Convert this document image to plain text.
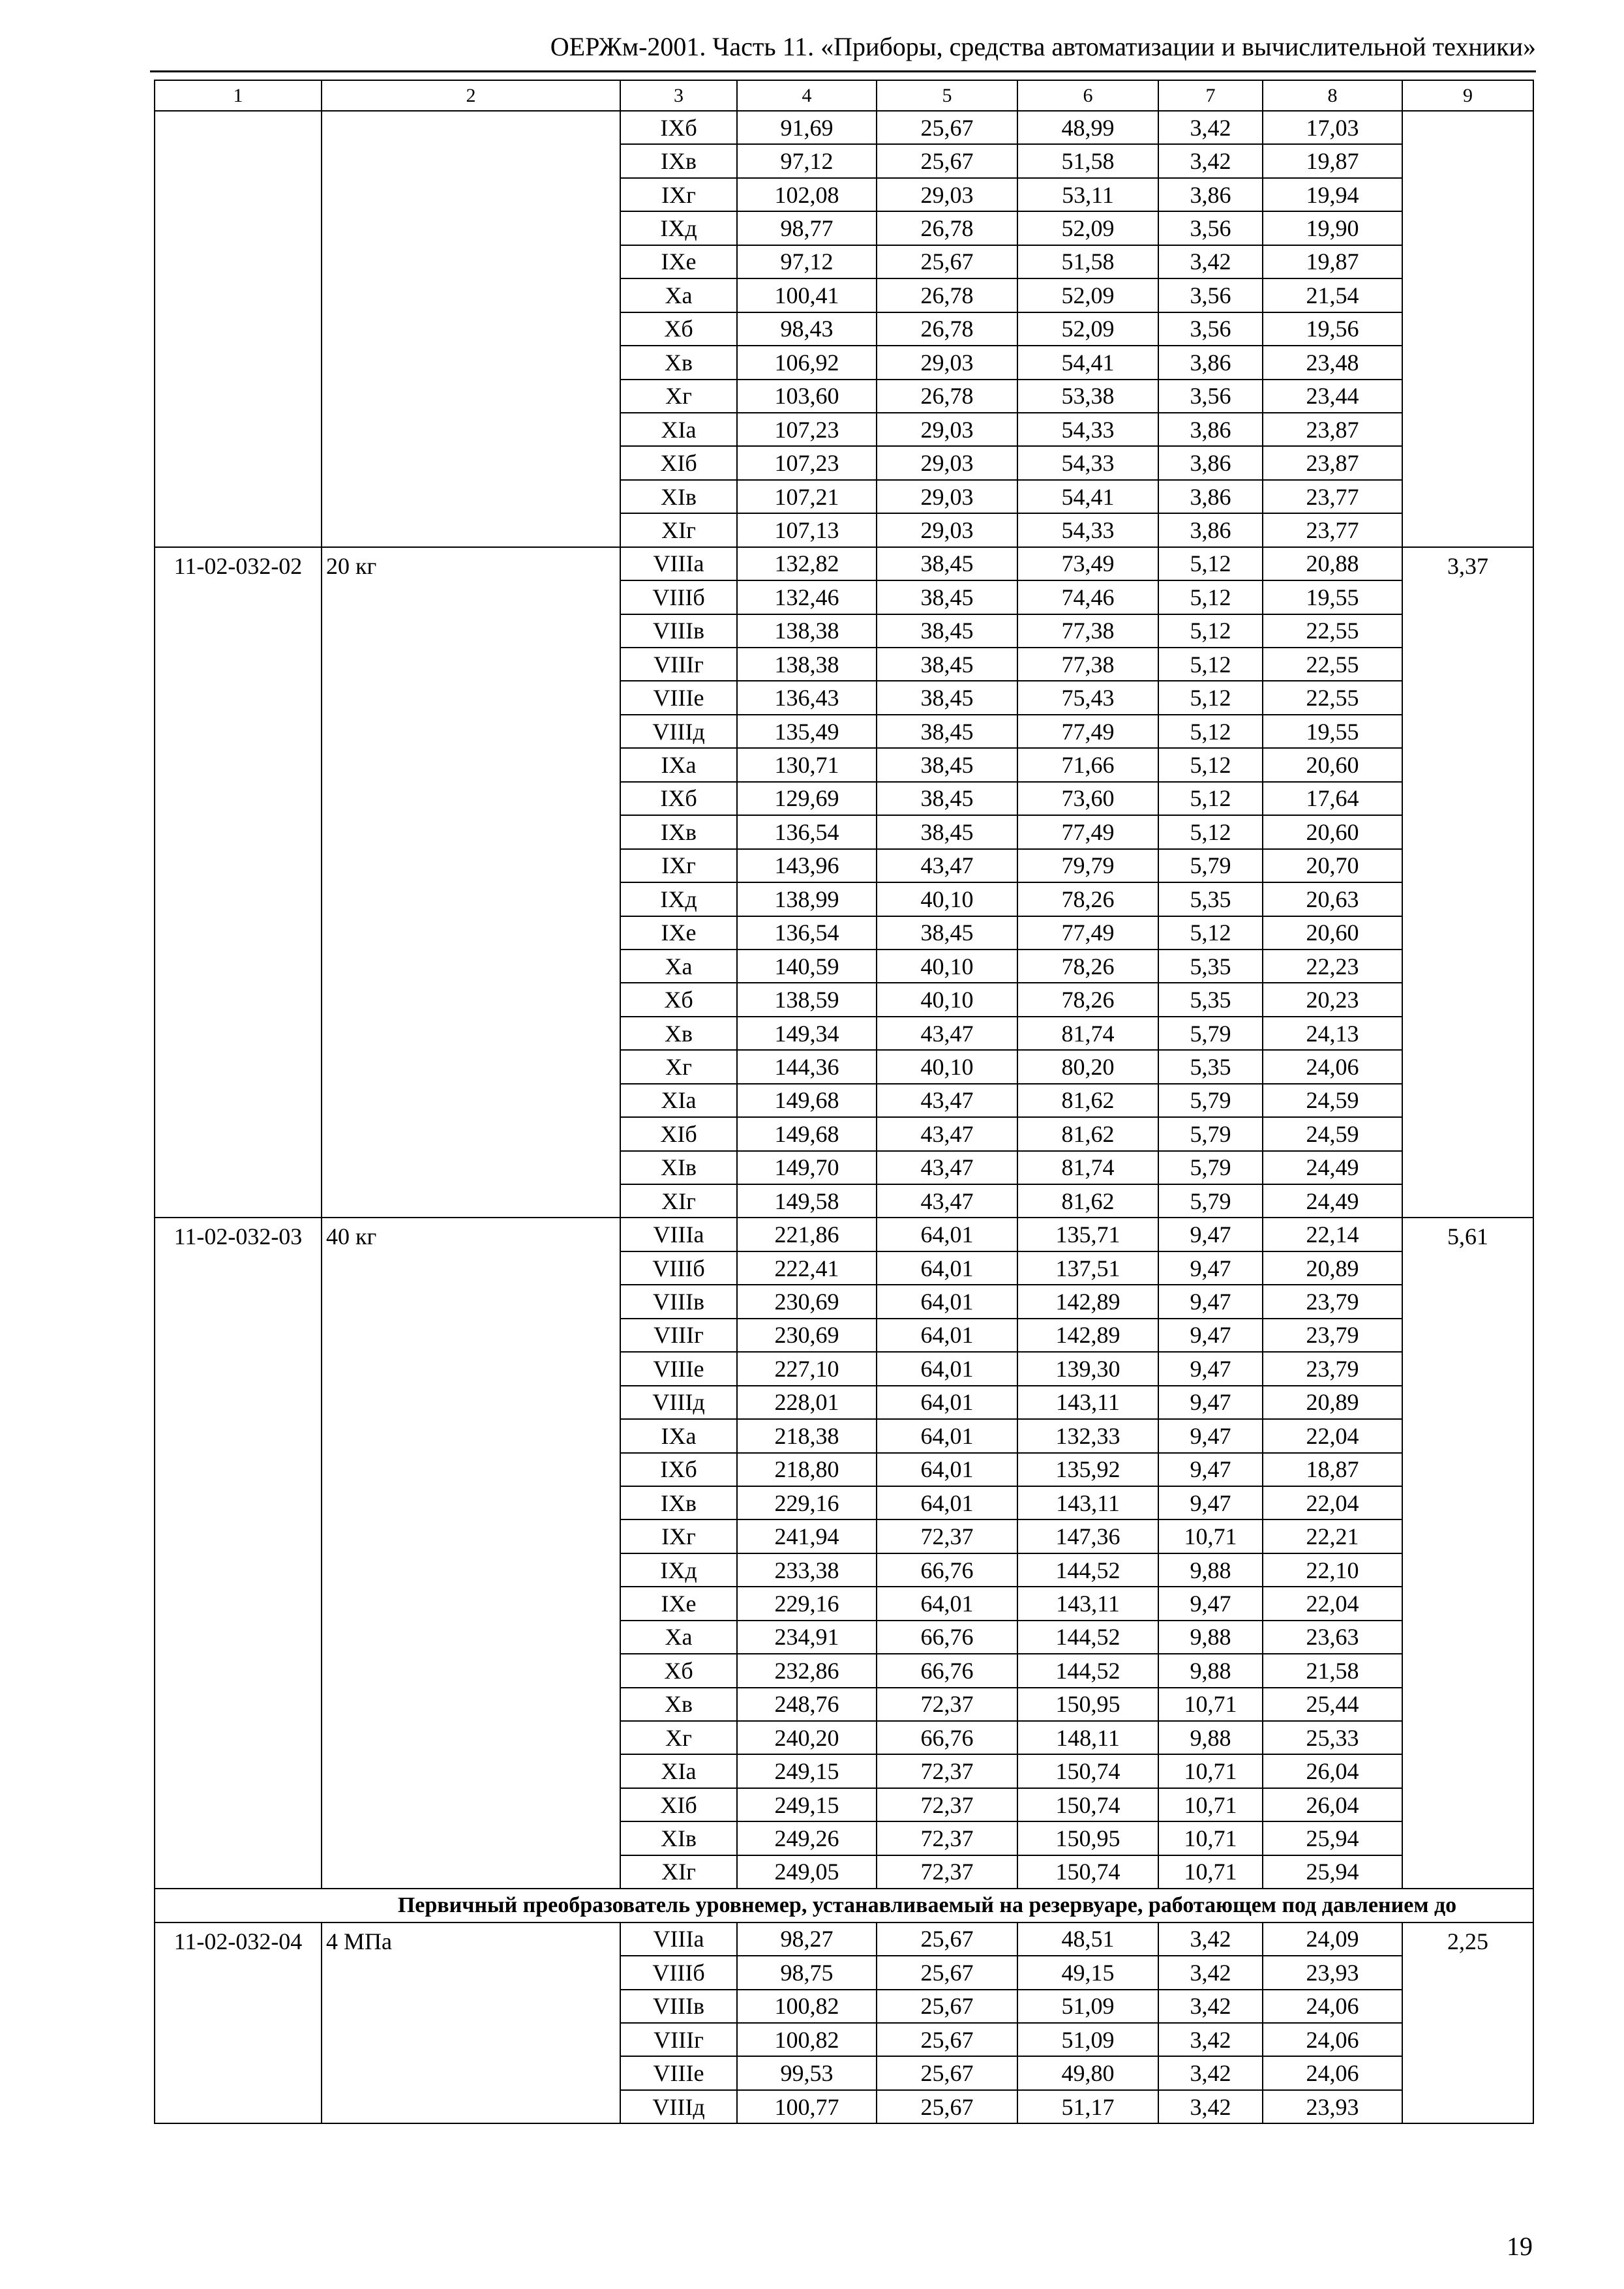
ОЕРЖм-2001. Часть 11. «Приборы, средства автоматизации и вычислительной техники»
1	2	3	4	5	6	7	8	9
		IXб	91,69	25,67	48,99	3,42	17,03	
		IXв	97,12	25,67	51,58	3,42	19,87	
		IXг	102,08	29,03	53,11	3,86	19,94	
		IXд	98,77	26,78	52,09	3,56	19,90	
		IXе	97,12	25,67	51,58	3,42	19,87	
		Xа	100,41	26,78	52,09	3,56	21,54	
		Xб	98,43	26,78	52,09	3,56	19,56	
		Xв	106,92	29,03	54,41	3,86	23,48	
		Xг	103,60	26,78	53,38	3,56	23,44	
		XIа	107,23	29,03	54,33	3,86	23,87	
		XIб	107,23	29,03	54,33	3,86	23,87	
		XIв	107,21	29,03	54,41	3,86	23,77	
		XIг	107,13	29,03	54,33	3,86	23,77	
11-02-032-02	20 кг	VIIIа	132,82	38,45	73,49	5,12	20,88	3,37
		VIIIб	132,46	38,45	74,46	5,12	19,55	
		VIIIв	138,38	38,45	77,38	5,12	22,55	
		VIIIг	138,38	38,45	77,38	5,12	22,55	
		VIIIе	136,43	38,45	75,43	5,12	22,55	
		VIIIд	135,49	38,45	77,49	5,12	19,55	
		IXа	130,71	38,45	71,66	5,12	20,60	
		IXб	129,69	38,45	73,60	5,12	17,64	
		IXв	136,54	38,45	77,49	5,12	20,60	
		IXг	143,96	43,47	79,79	5,79	20,70	
		IXд	138,99	40,10	78,26	5,35	20,63	
		IXе	136,54	38,45	77,49	5,12	20,60	
		Xа	140,59	40,10	78,26	5,35	22,23	
		Xб	138,59	40,10	78,26	5,35	20,23	
		Xв	149,34	43,47	81,74	5,79	24,13	
		Xг	144,36	40,10	80,20	5,35	24,06	
		XIа	149,68	43,47	81,62	5,79	24,59	
		XIб	149,68	43,47	81,62	5,79	24,59	
		XIв	149,70	43,47	81,74	5,79	24,49	
		XIг	149,58	43,47	81,62	5,79	24,49	
11-02-032-03	40 кг	VIIIа	221,86	64,01	135,71	9,47	22,14	5,61
		VIIIб	222,41	64,01	137,51	9,47	20,89	
		VIIIв	230,69	64,01	142,89	9,47	23,79	
		VIIIг	230,69	64,01	142,89	9,47	23,79	
		VIIIе	227,10	64,01	139,30	9,47	23,79	
		VIIIд	228,01	64,01	143,11	9,47	20,89	
		IXа	218,38	64,01	132,33	9,47	22,04	
		IXб	218,80	64,01	135,92	9,47	18,87	
		IXв	229,16	64,01	143,11	9,47	22,04	
		IXг	241,94	72,37	147,36	10,71	22,21	
		IXд	233,38	66,76	144,52	9,88	22,10	
		IXе	229,16	64,01	143,11	9,47	22,04	
		Xа	234,91	66,76	144,52	9,88	23,63	
		Xб	232,86	66,76	144,52	9,88	21,58	
		Xв	248,76	72,37	150,95	10,71	25,44	
		Xг	240,20	66,76	148,11	9,88	25,33	
		XIа	249,15	72,37	150,74	10,71	26,04	
		XIб	249,15	72,37	150,74	10,71	26,04	
		XIв	249,26	72,37	150,95	10,71	25,94	
		XIг	249,05	72,37	150,74	10,71	25,94	
	Первичный преобразователь уровнемер, устанавливаемый на резервуаре, работающем под давлением до							
11-02-032-04	4 МПа	VIIIа	98,27	25,67	48,51	3,42	24,09	2,25
		VIIIб	98,75	25,67	49,15	3,42	23,93	
		VIIIв	100,82	25,67	51,09	3,42	24,06	
		VIIIг	100,82	25,67	51,09	3,42	24,06	
		VIIIе	99,53	25,67	49,80	3,42	24,06	
		VIIIд	100,77	25,67	51,17	3,42	23,93	
19
